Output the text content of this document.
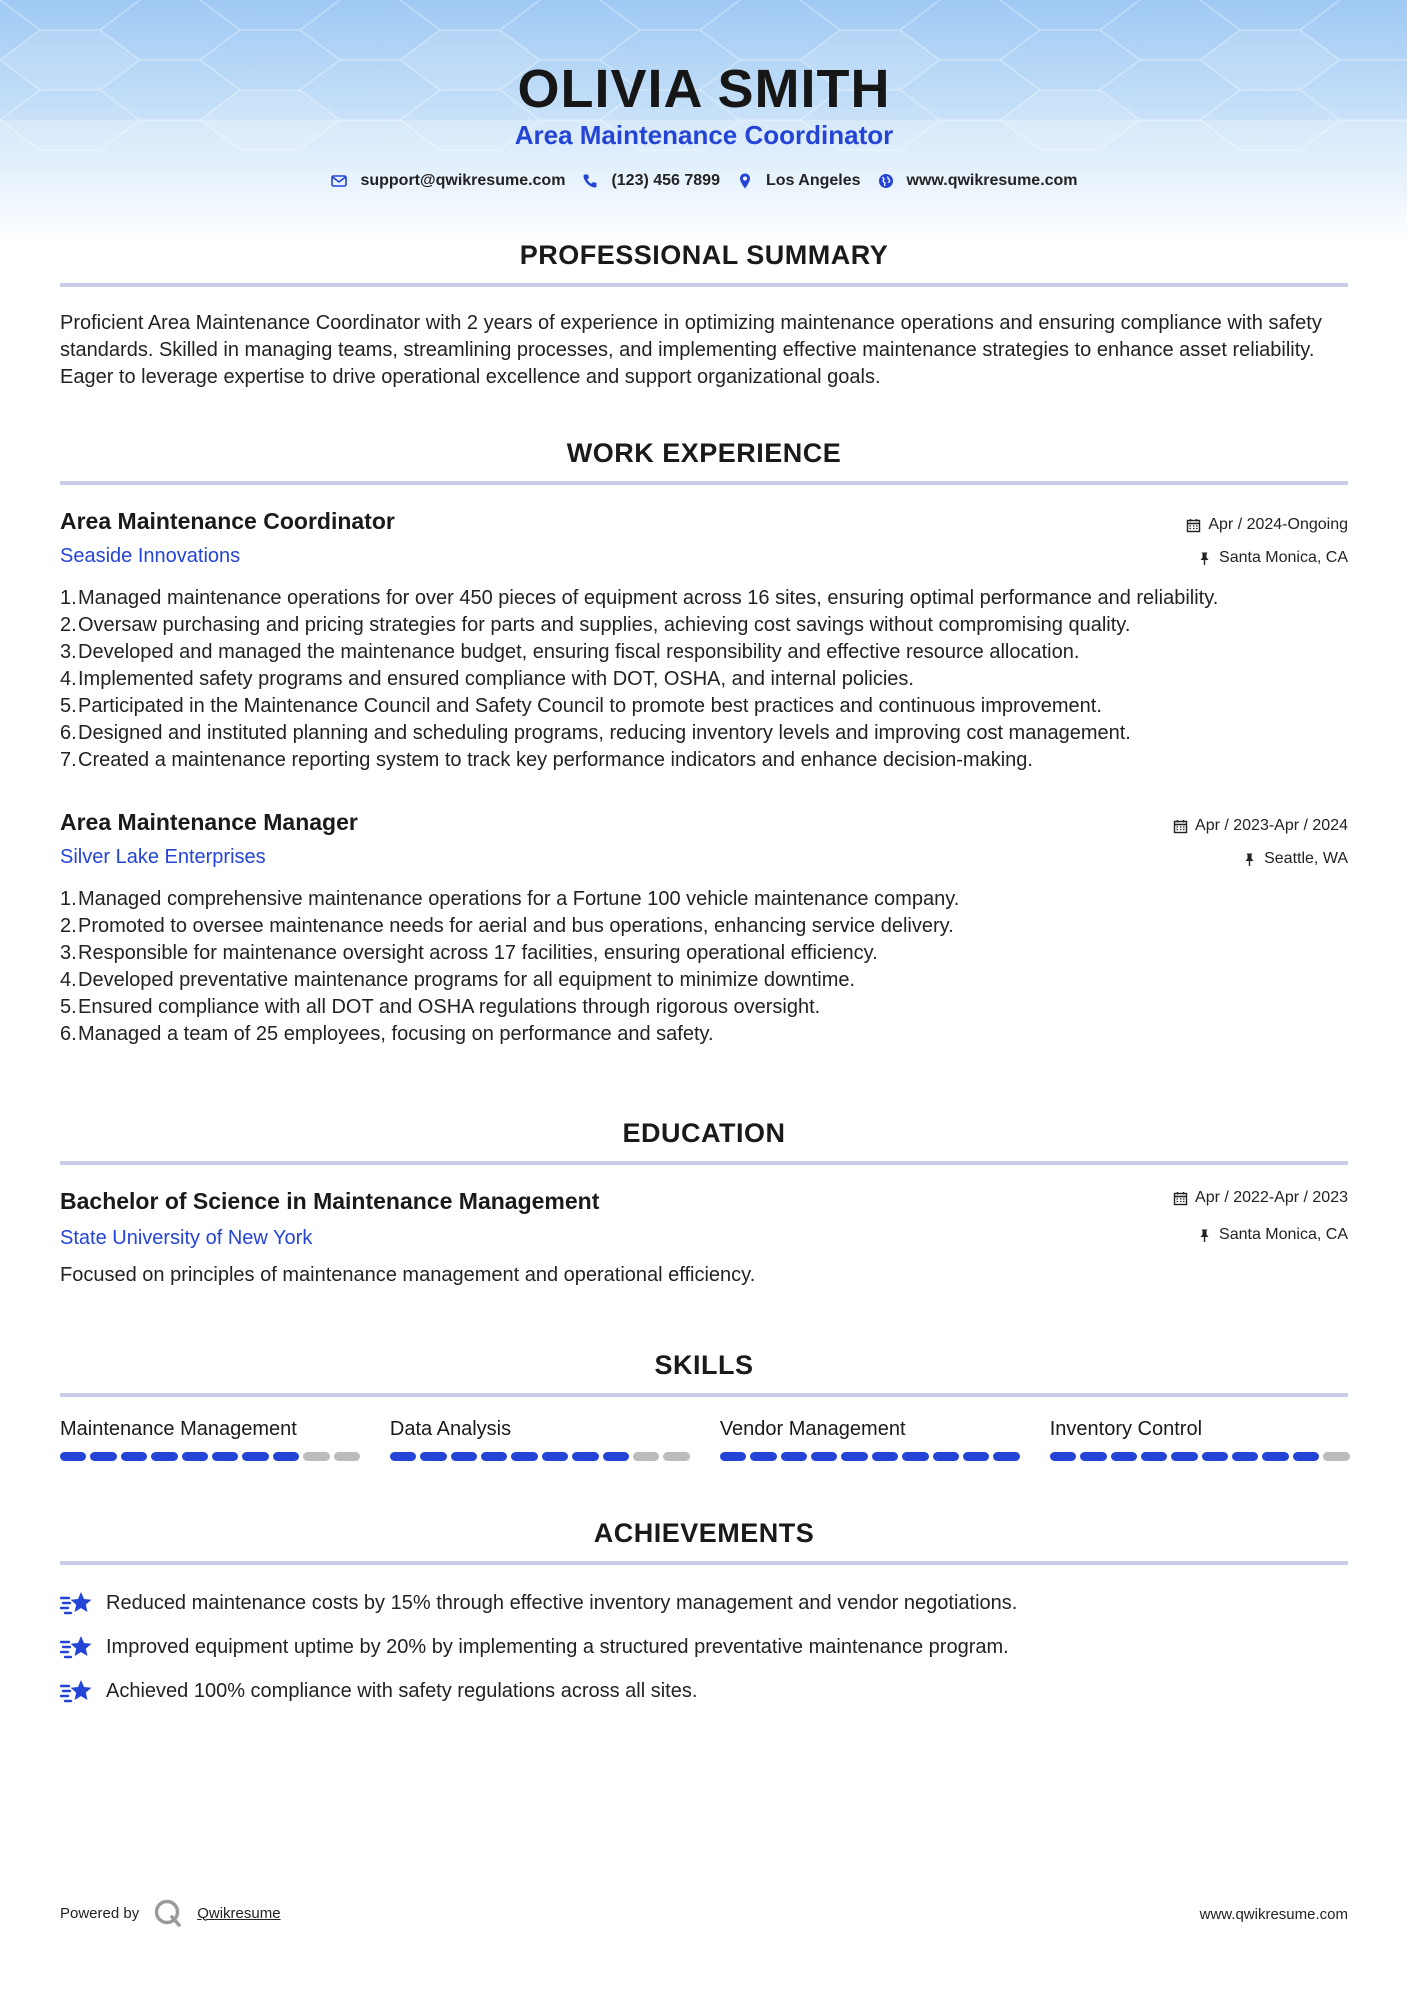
OLIVIA SMITH
Area Maintenance Coordinator
support@qwikresume.com	(123) 456 7899	Los Angeles	www.qwikresume.com
PROFESSIONAL SUMMARY
Proficient Area Maintenance Coordinator with 2 years of experience in optimizing maintenance operations and ensuring compliance with safety standards. Skilled in managing teams, streamlining processes, and implementing effective maintenance strategies to enhance asset reliability. Eager to leverage expertise to drive operational excellence and support organizational goals.
WORK EXPERIENCE
Area Maintenance Coordinator	Apr / 2024-Ongoing
Seaside Innovations	Santa Monica, CA
1. Managed maintenance operations for over 450 pieces of equipment across 16 sites, ensuring optimal performance and reliability.
2. Oversaw purchasing and pricing strategies for parts and supplies, achieving cost savings without compromising quality.
3. Developed and managed the maintenance budget, ensuring fiscal responsibility and effective resource allocation.
4. Implemented safety programs and ensured compliance with DOT, OSHA, and internal policies.
5. Participated in the Maintenance Council and Safety Council to promote best practices and continuous improvement.
6. Designed and instituted planning and scheduling programs, reducing inventory levels and improving cost management.
7. Created a maintenance reporting system to track key performance indicators and enhance decision-making.
Area Maintenance Manager	Apr / 2023-Apr / 2024
Silver Lake Enterprises	Seattle, WA
1. Managed comprehensive maintenance operations for a Fortune 100 vehicle maintenance company.
2. Promoted to oversee maintenance needs for aerial and bus operations, enhancing service delivery.
3. Responsible for maintenance oversight across 17 facilities, ensuring operational efficiency.
4. Developed preventative maintenance programs for all equipment to minimize downtime.
5. Ensured compliance with all DOT and OSHA regulations through rigorous oversight.
6. Managed a team of 25 employees, focusing on performance and safety.
EDUCATION
Bachelor of Science in Maintenance Management	Apr / 2022-Apr / 2023
State University of New York	Santa Monica, CA
Focused on principles of maintenance management and operational efficiency.
SKILLS
Maintenance Management	Data Analysis	Vendor Management	Inventory Control
ACHIEVEMENTS
Reduced maintenance costs by 15% through effective inventory management and vendor negotiations.
Improved equipment uptime by 20% by implementing a structured preventative maintenance program.
Achieved 100% compliance with safety regulations across all sites.
Powered by	Qwikresume	www.qwikresume.com
